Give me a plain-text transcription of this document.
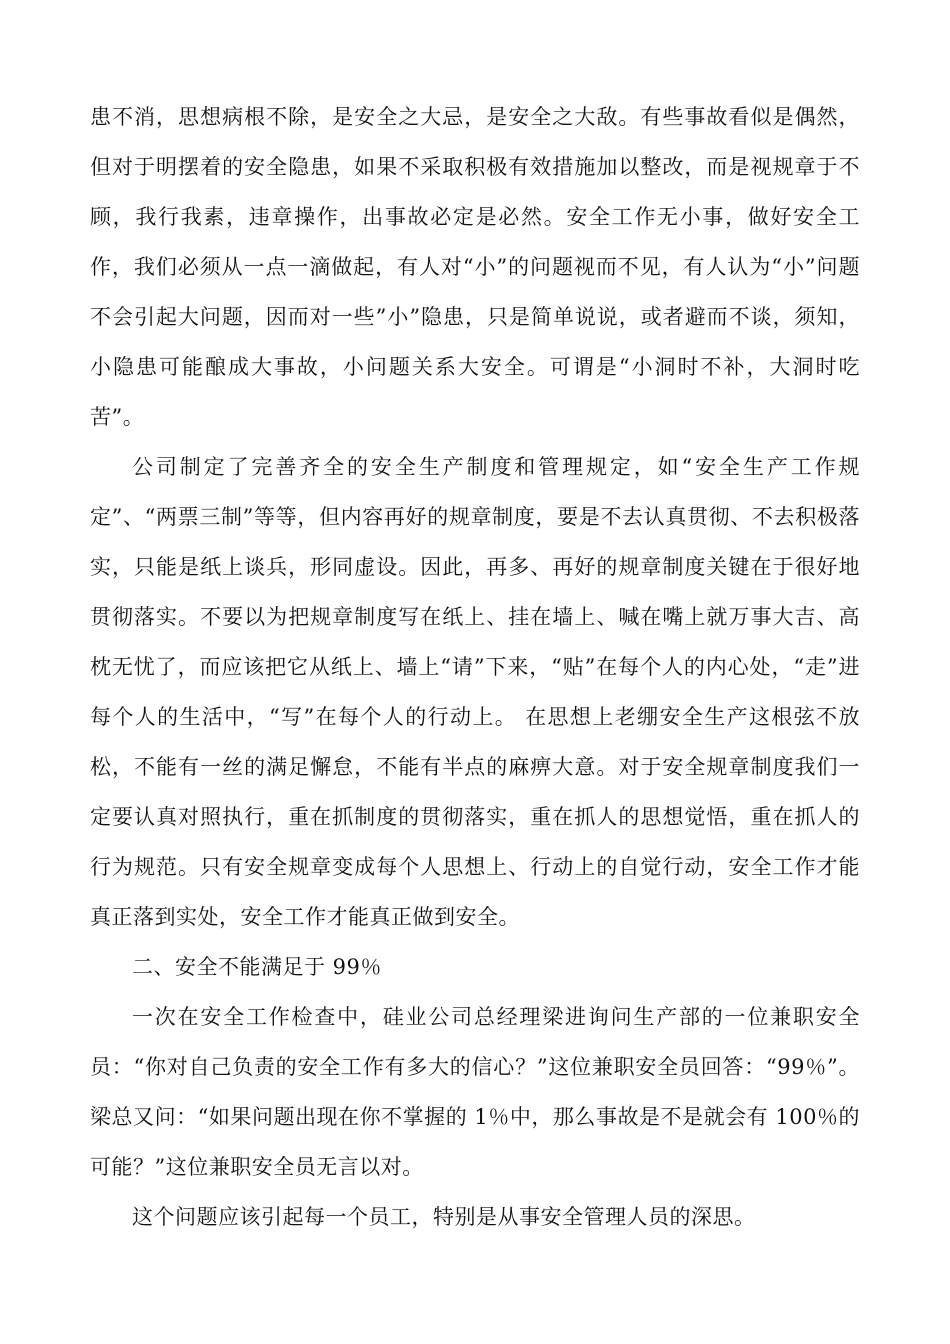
患不消，思想病根不除，是安全之大忌，是安全之大敌。有些事故看似是偶然，但对于明摆着的安全隐患，如果不采取积极有效措施加以整改，而是视规章于不顾，我行我素，违章操作，出事故必定是必然。安全工作无小事，做好安全工作，我们必须从一点一滴做起，有人对“小”的问题视而不见，有人认为“小”问题不会引起大问题，因而对一些”小”隐患，只是简单说说，或者避而不谈，须知，小隐患可能酿成大事故，小问题关系大安全。可谓是“小洞时不补，大洞时吃苦”。

公司制定了完善齐全的安全生产制度和管理规定，如“安全生产工作规定”、“两票三制”等等，但内容再好的规章制度，要是不去认真贯彻、不去积极落实，只能是纸上谈兵，形同虚设。因此，再多、再好的规章制度关键在于很好地贯彻落实。不要以为把规章制度写在纸上、挂在墙上、喊在嘴上就万事大吉、高枕无忧了，而应该把它从纸上、墙上“请”下来，“贴”在每个人的内心处，“走”进每个人的生活中，“写”在每个人的行动上。 在思想上老绷安全生产这根弦不放松，不能有一丝的满足懈怠，不能有半点的麻痹大意。对于安全规章制度我们一定要认真对照执行，重在抓制度的贯彻落实，重在抓人的思想觉悟，重在抓人的行为规范。只有安全规章变成每个人思想上、行动上的自觉行动，安全工作才能真正落到实处，安全工作才能真正做到安全。

二、安全不能满足于 99％

一次在安全工作检查中，硅业公司总经理梁进询问生产部的一位兼职安全员：“你对自己负责的安全工作有多大的信心？”这位兼职安全员回答：“99％”。梁总又问：“如果问题出现在你不掌握的 1％中，那么事故是不是就会有 100％的可能？”这位兼职安全员无言以对。

这个问题应该引起每一个员工，特别是从事安全管理人员的深思。
